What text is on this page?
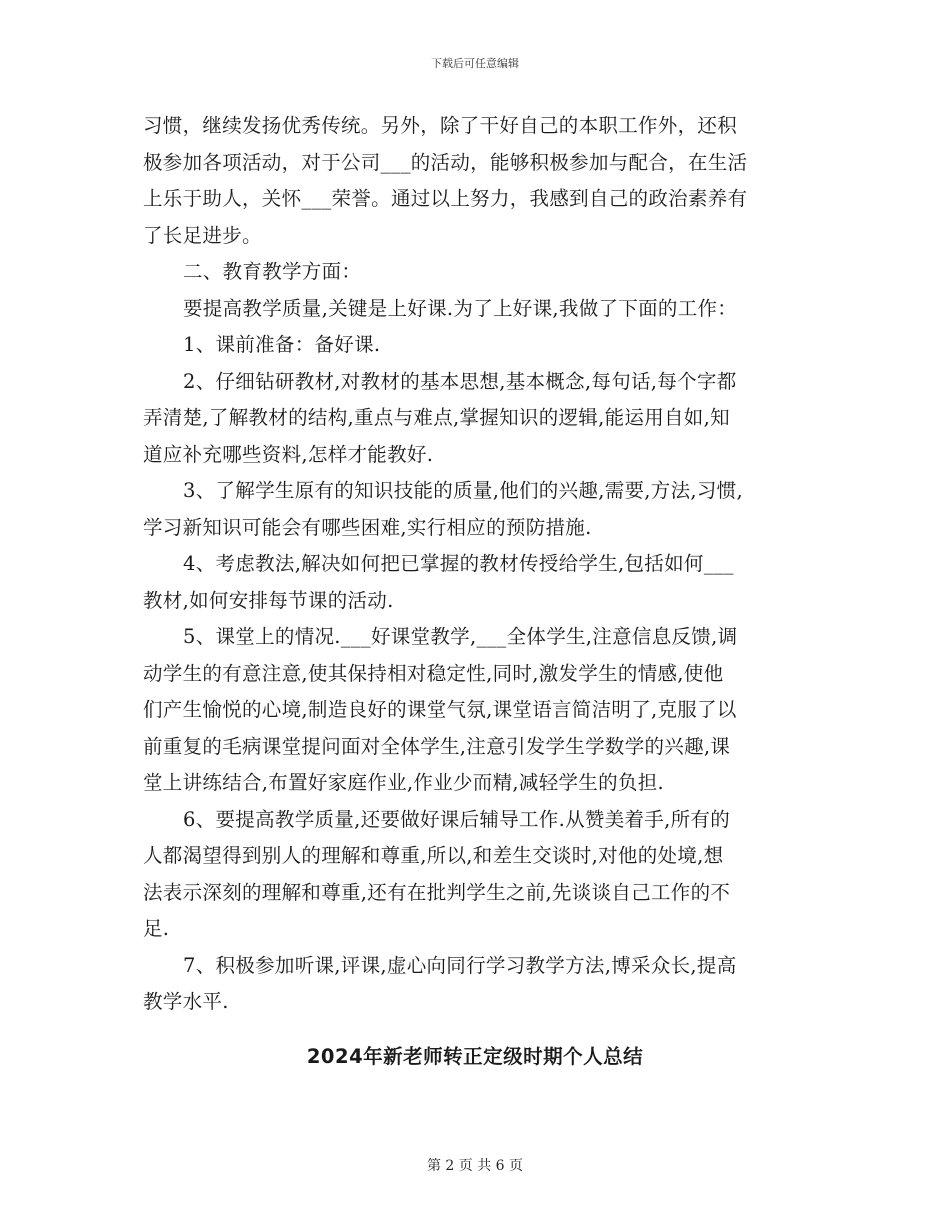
下载后可任意编辑

习惯，继续发扬优秀传统。另外，除了干好自己的本职工作外，还积
极参加各项活动，对于公司___的活动，能够积极参加与配合，在生活
上乐于助人，关怀___荣誉。通过以上努力，我感到自己的政治素养有
了长足进步。

二、教育教学方面：

要提高教学质量,关键是上好课.为了上好课,我做了下面的工作：

1、课前准备：备好课.

2、仔细钻研教材,对教材的基本思想,基本概念,每句话,每个字都
弄清楚,了解教材的结构,重点与难点,掌握知识的逻辑,能运用自如,知
道应补充哪些资料,怎样才能教好.

3、了解学生原有的知识技能的质量,他们的兴趣,需要,方法,习惯,
学习新知识可能会有哪些困难,实行相应的预防措施.

4、考虑教法,解决如何把已掌握的教材传授给学生,包括如何___
教材,如何安排每节课的活动.

5、课堂上的情况.___好课堂教学,___全体学生,注意信息反馈,调
动学生的有意注意,使其保持相对稳定性,同时,激发学生的情感,使他
们产生愉悦的心境,制造良好的课堂气氛,课堂语言简洁明了,克服了以
前重复的毛病课堂提问面对全体学生,注意引发学生学数学的兴趣,课
堂上讲练结合,布置好家庭作业,作业少而精,减轻学生的负担.

6、要提高教学质量,还要做好课后辅导工作.从赞美着手,所有的
人都渴望得到别人的理解和尊重,所以,和差生交谈时,对他的处境,想
法表示深刻的理解和尊重,还有在批判学生之前,先谈谈自己工作的不
足.

7、积极参加听课,评课,虚心向同行学习教学方法,博采众长,提高
教学水平.

2024年新老师转正定级时期个人总结
第 2 页 共 6 页
